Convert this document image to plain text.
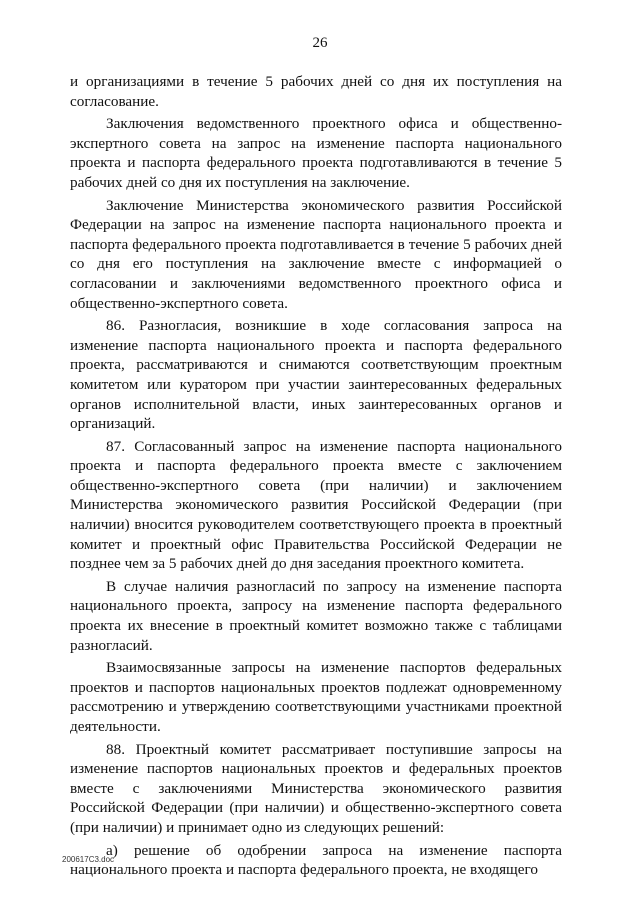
26

и организациями в течение 5 рабочих дней со дня их поступления на согласование.

Заключения ведомственного проектного офиса и общественно-экспертного совета на запрос на изменение паспорта национального проекта и паспорта федерального проекта подготавливаются в течение 5 рабочих дней со дня их поступления на заключение.

Заключение Министерства экономического развития Российской Федерации на запрос на изменение паспорта национального проекта и паспорта федерального проекта подготавливается в течение 5 рабочих дней со дня его поступления на заключение вместе с информацией о согласовании и заключениями ведомственного проектного офиса и общественно-экспертного совета.

86. Разногласия, возникшие в ходе согласования запроса на изменение паспорта национального проекта и паспорта федерального проекта, рассматриваются и снимаются соответствующим проектным комитетом или куратором при участии заинтересованных федеральных органов исполнительной власти, иных заинтересованных органов и организаций.

87. Согласованный запрос на изменение паспорта национального проекта и паспорта федерального проекта вместе с заключением общественно-экспертного совета (при наличии) и заключением Министерства экономического развития Российской Федерации (при наличии) вносится руководителем соответствующего проекта в проектный комитет и проектный офис Правительства Российской Федерации не позднее чем за 5 рабочих дней до дня заседания проектного комитета.

В случае наличия разногласий по запросу на изменение паспорта национального проекта, запросу на изменение паспорта федерального проекта их внесение в проектный комитет возможно также с таблицами разногласий.

Взаимосвязанные запросы на изменение паспортов федеральных проектов и паспортов национальных проектов подлежат одновременному рассмотрению и утверждению соответствующими участниками проектной деятельности.

88. Проектный комитет рассматривает поступившие запросы на изменение паспортов национальных проектов и федеральных проектов вместе с заключениями Министерства экономического развития Российской Федерации (при наличии) и общественно-экспертного совета (при наличии) и принимает одно из следующих решений:

а) решение об одобрении запроса на изменение паспорта национального проекта и паспорта федерального проекта, не входящего

200617C3.doc
